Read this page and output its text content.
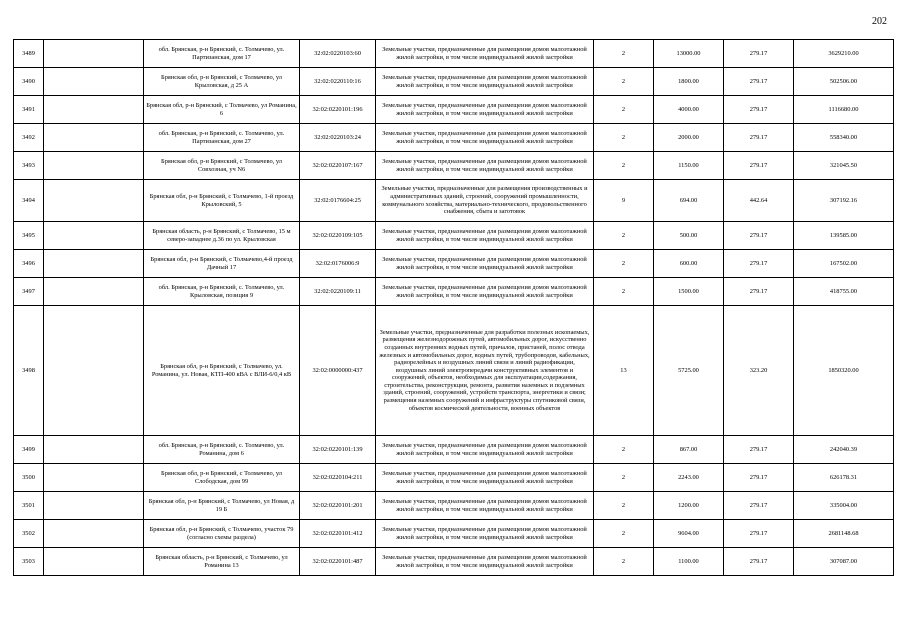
202
3489		обл. Брянская, р-н Брянский, с. Толмачево, ул. Партизанская, дом 17	32:02:0220103:60	Земельные участки, предназначенные для размещения домов малоэтажной жилой застройки, в том числе индивидуальной жилой застройки	2	13000.00	279.17	3629210.00
3490		Брянская обл, р-н Брянский, с Толмачево, ул Крыловская, д 25 А	32:02:0220110:16	Земельные участки, предназначенные для размещения домов малоэтажной жилой застройки, в том числе индивидуальной жилой застройки	2	1800.00	279.17	502506.00
3491		Брянская обл, р-н Брянский, с Толмачево, ул Романина, 6	32:02:0220101:196	Земельные участки, предназначенные для размещения домов малоэтажной жилой застройки, в том числе индивидуальной жилой застройки	2	4000.00	279.17	1116680.00
3492		обл. Брянская, р-н Брянский, с. Толмачево, ул. Партизанская, дом 27	32:02:0220103:24	Земельные участки, предназначенные для размещения домов малоэтажной жилой застройки, в том числе индивидуальной жилой застройки	2	2000.00	279.17	558340.00
3493		Брянская обл, р-н Брянский, с Толмачево, ул Совхозная, уч N6	32:02:0220107:167	Земельные участки, предназначенные для размещения домов малоэтажной жилой застройки, в том числе индивидуальной жилой застройки	2	1150.00	279.17	321045.50
3494		Брянская обл, р-н Брянский, с Толмачево, 1-й проезд Крыловский, 5	32:02:0176604:25	Земельные участки, предназначенные для размещения производственных и административных зданий, строений, сооружений промышленности, коммунального хозяйства, материально-технического, продовольственного снабжения, сбыта и заготовок	9	694.00	442.64	307192.16
3495		Брянская область, р-н Брянский, с Толмачево, 15 м северо-западнее д.36 по ул. Крыловская	32:02:0220109:105	Земельные участки, предназначенные для размещения домов малоэтажной жилой застройки, в том числе индивидуальной жилой застройки	2	500.00	279.17	139585.00
3496		Брянская обл, р-н Брянский, с Толмачево,4-й проезд Дачный 17	32:02:0176006:9	Земельные участки, предназначенные для размещения домов малоэтажной жилой застройки, в том числе индивидуальной жилой застройки	2	600.00	279.17	167502.00
3497		обл. Брянская, р-н Брянский, с. Толмачево, ул. Крыловская, позиция 9	32:02:0220109:11	Земельные участки, предназначенные для размещения домов малоэтажной жилой застройки, в том числе индивидуальной жилой застройки	2	1500.00	279.17	418755.00
3498		Брянская обл, р-н Брянский, с Толмачево, ул. Романина, ул. Новая, КТП-400 кВА с ВЛИ-6/0,4 кВ	32:02:0000000:437	Земельные участки, предназначенные для разработки полезных ископаемых, размещения железнодорожных путей, автомобильных дорог, искусственно созданных внутренних водных путей, причалов, пристаней, полос отвода железных и автомобильных дорог, водных путей, трубопроводов, кабельных, радиорелейных и воздушных линий связи и линий радиофикации, воздушных линий электропередачи конструктивных элементов и сооружений, объектов, необходимых для эксплуатации,содержания, строительства, реконструкции, ремонта, развития наземных и подземных зданий, строений, сооружений, устройств транспорта, энергетики и связи; размещения наземных сооружений и инфраструктуры спутниковой связи, объектов космической деятельности, военных объектов	13	5725.00	323.20	1850320.00
3499		обл. Брянская, р-н Брянский, с. Толмачево, ул. Романина, дом 6	32:02:0220101:139	Земельные участки, предназначенные для размещения домов малоэтажной жилой застройки, в том числе индивидуальной жилой застройки	2	867.00	279.17	242040.39
3500		Брянская обл, р-н Брянский, с Толмачево, ул Слободская, дом 99	32:02:0220104:211	Земельные участки, предназначенные для размещения домов малоэтажной жилой застройки, в том числе индивидуальной жилой застройки	2	2243.00	279.17	626178.31
3501		Брянская обл, р-н Брянский, с Толмачево, ул Новая, д 19 Б	32:02:0220101:201	Земельные участки, предназначенные для размещения домов малоэтажной жилой застройки, в том числе индивидуальной жилой застройки	2	1200.00	279.17	335004.00
3502		Брянская обл, р-н Брянский, с Толмачево, участок 79 (согласно схемы раздела)	32:02:0220101:412	Земельные участки, предназначенные для размещения домов малоэтажной жилой застройки, в том числе индивидуальной жилой застройки	2	9604.00	279.17	2681148.68
3503		Брянская область, р-н Брянский, с Толмачево, ул Романина 13	32:02:0220101:487	Земельные участки, предназначенные для размещения домов малоэтажной жилой застройки, в том числе индивидуальной жилой застройки	2	1100.00	279.17	307087.00
